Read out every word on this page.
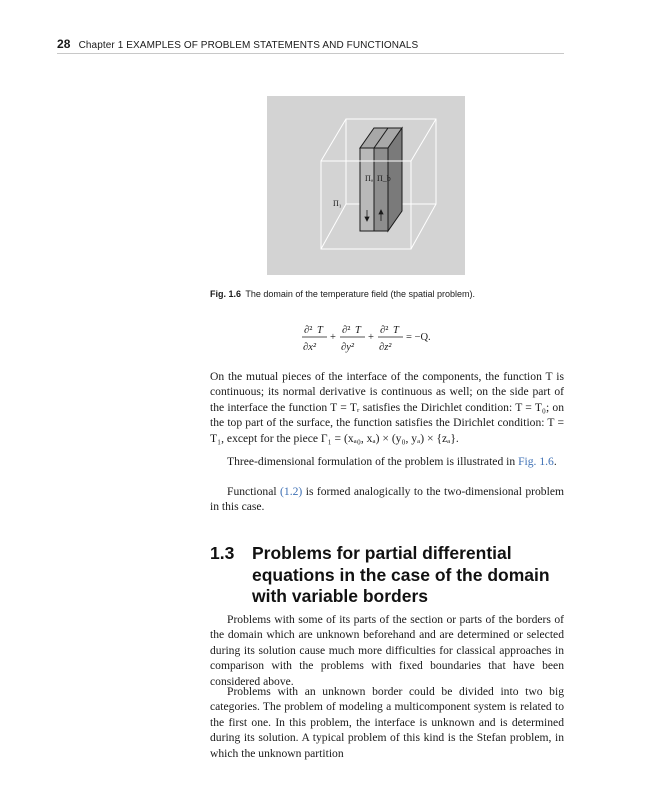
28 Chapter 1 EXAMPLES OF PROBLEM STATEMENTS AND FUNCTIONALS
Π₁
Πₐ Π_b
Fig. 1.6 The domain of the temperature field (the spatial problem).
∂² T
∂x²
+
∂² T
∂y²
+
∂² T
∂z²
= −Q.

On the mutual pieces of the interface of the components, the function T is continuous; its normal derivative is continuous as well; on the side part of the interface the function T = Tᵣ satisfies the Dirichlet condition: T = T₀; on the top part of the surface, the function satisfies the Dirichlet condition: T = T₁, except for the piece Γ₁ = (xₐ₀, xₐ) × (y₀, yₐ) × {zₐ}.

Three-dimensional formulation of the problem is illustrated in Fig. 1.6.

Functional (1.2) is formed analogically to the two-dimensional problem in this case.

1.3 Problems for partial differential equations in the case of the domain with variable borders

Problems with some of its parts of the section or parts of the borders of the domain which are unknown beforehand and are determined or selected during its solution cause much more difficulties for classical approaches in comparison with the problems with fixed boundaries that have been considered above.

Problems with an unknown border could be divided into two big categories. The problem of modeling a multicomponent system is related to the first one. In this problem, the interface is unknown and is determined during its solution. A typical problem of this kind is the Stefan problem, in which the unknown partition
